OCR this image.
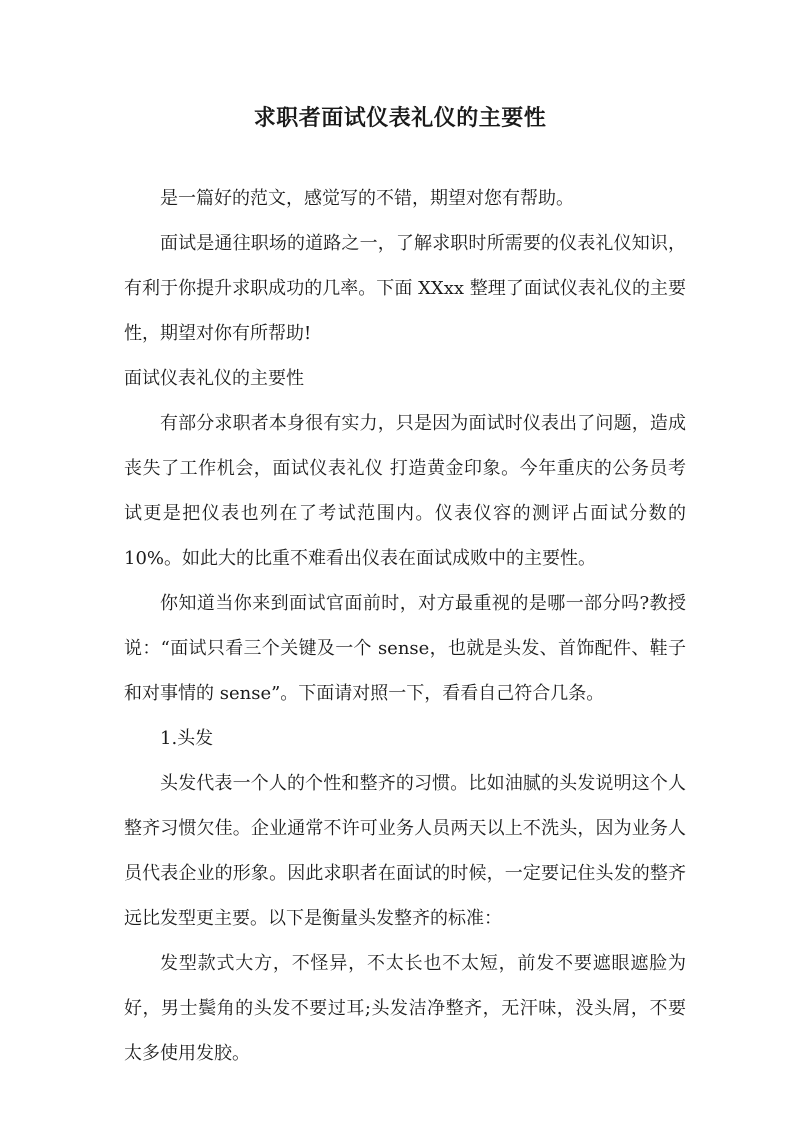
求职者面试仪表礼仪的主要性

是一篇好的范文，感觉写的不错，期望对您有帮助。

面试是通往职场的道路之一，了解求职时所需要的仪表礼仪知识，有利于你提升求职成功的几率。下面 XXxx 整理了面试仪表礼仪的主要性，期望对你有所帮助!

面试仪表礼仪的主要性

有部分求职者本身很有实力，只是因为面试时仪表出了问题，造成丧失了工作机会，面试仪表礼仪 打造黄金印象。今年重庆的公务员考试更是把仪表也列在了考试范围内。仪表仪容的测评占面试分数的 10%。如此大的比重不难看出仪表在面试成败中的主要性。

你知道当你来到面试官面前时，对方最重视的是哪一部分吗?教授说：“面试只看三个关键及一个 sense，也就是头发、首饰配件、鞋子和对事情的 sense”。下面请对照一下，看看自己符合几条。

1.头发

头发代表一个人的个性和整齐的习惯。比如油腻的头发说明这个人整齐习惯欠佳。企业通常不许可业务人员两天以上不洗头，因为业务人员代表企业的形象。因此求职者在面试的时候，一定要记住头发的整齐远比发型更主要。以下是衡量头发整齐的标准：

发型款式大方，不怪异，不太长也不太短，前发不要遮眼遮脸为好，男士鬓角的头发不要过耳;头发洁净整齐，无汗味，没头屑，不要太多使用发胶。
